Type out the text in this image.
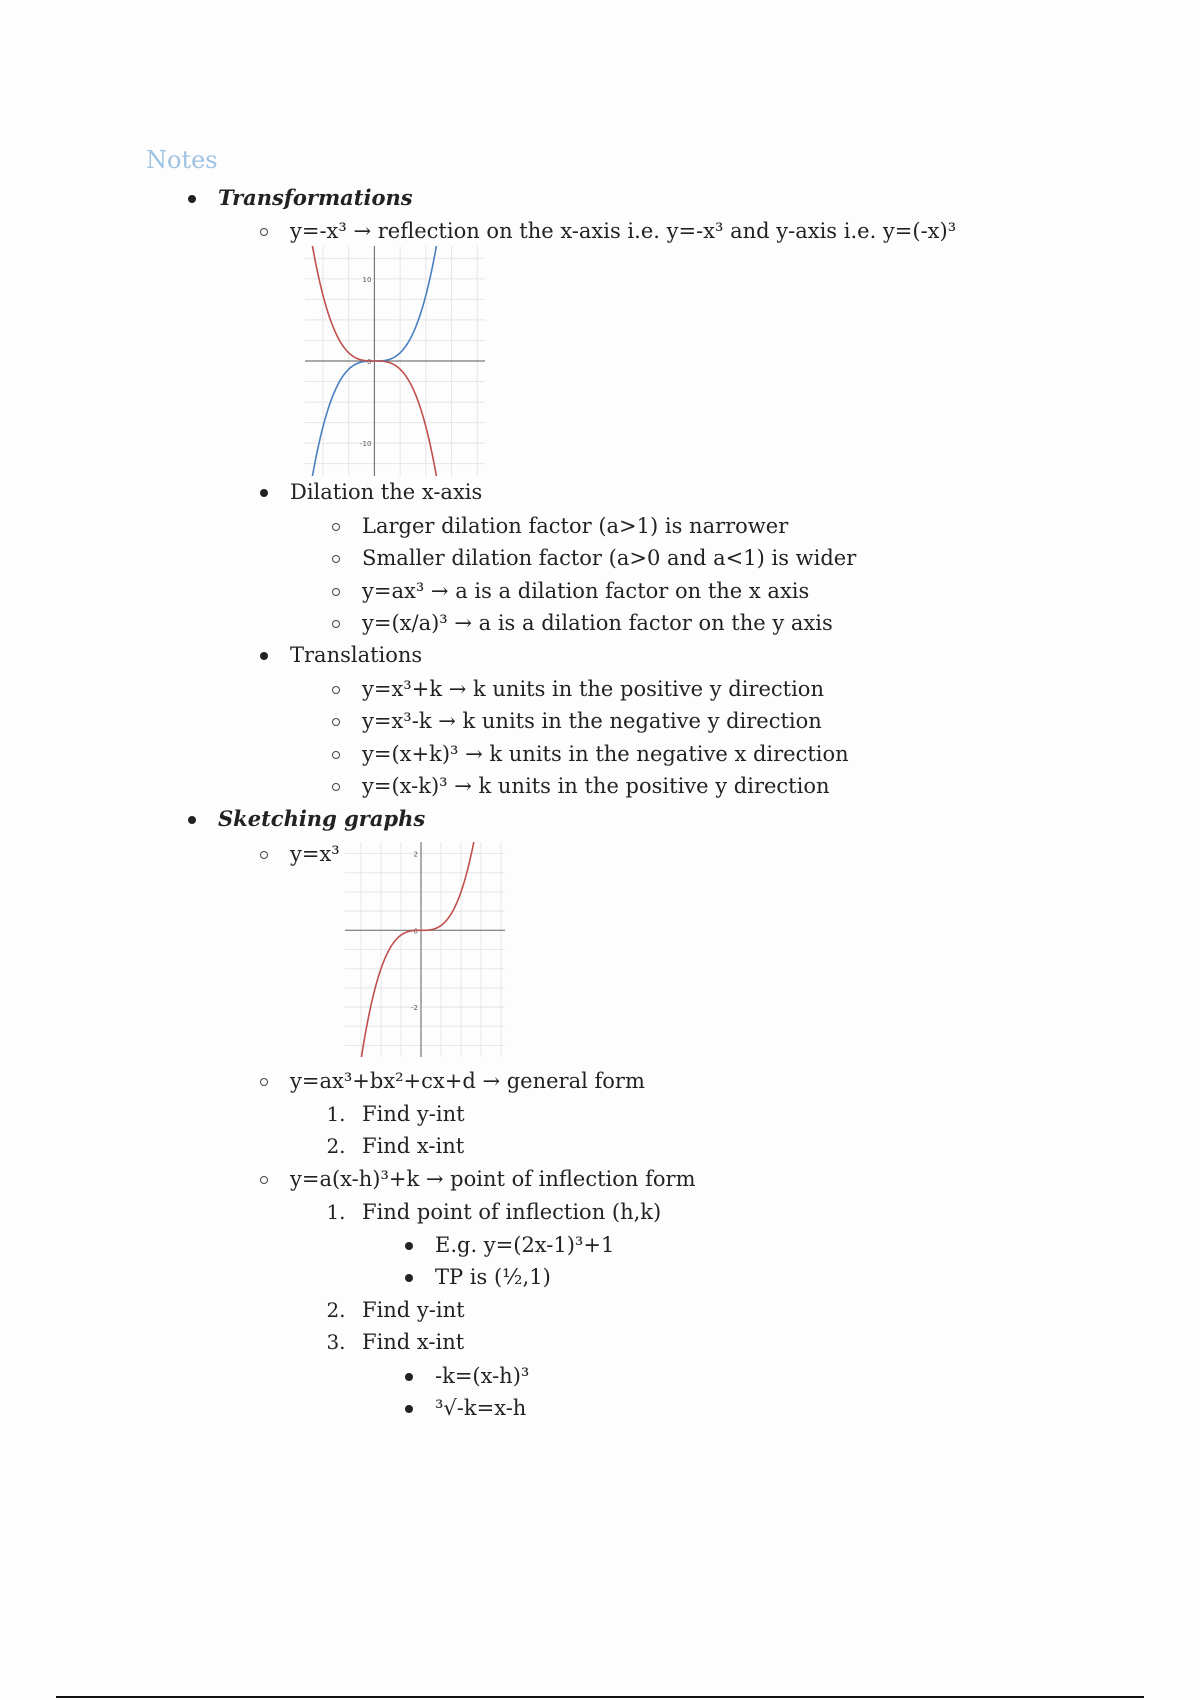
Notes
Transformations
y=-x³ → reflection on the x-axis i.e. y=-x³ and y-axis i.e. y=(-x)³
10
0
-10
Dilation the x-axis
Larger dilation factor (a>1) is narrower
Smaller dilation factor (a>0 and a<1) is wider
y=ax³ → a is a dilation factor on the x axis
y=(x/a)³ → a is a dilation factor on the y axis
Translations
y=x³+k → k units in the positive y direction
y=x³-k → k units in the negative y direction
y=(x+k)³ → k units in the negative x direction
y=(x-k)³ → k units in the positive y direction
Sketching graphs
y=x³	2
0
-2
y=ax³+bx²+cx+d → general form
1. Find y-int
2. Find x-int
y=a(x-h)³+k → point of inflection form
1. Find point of inflection (h,k)
E.g. y=(2x-1)³+1
TP is (½,1)
2. Find y-int
3. Find x-int
-k=(x-h)³
³√-k=x-h
